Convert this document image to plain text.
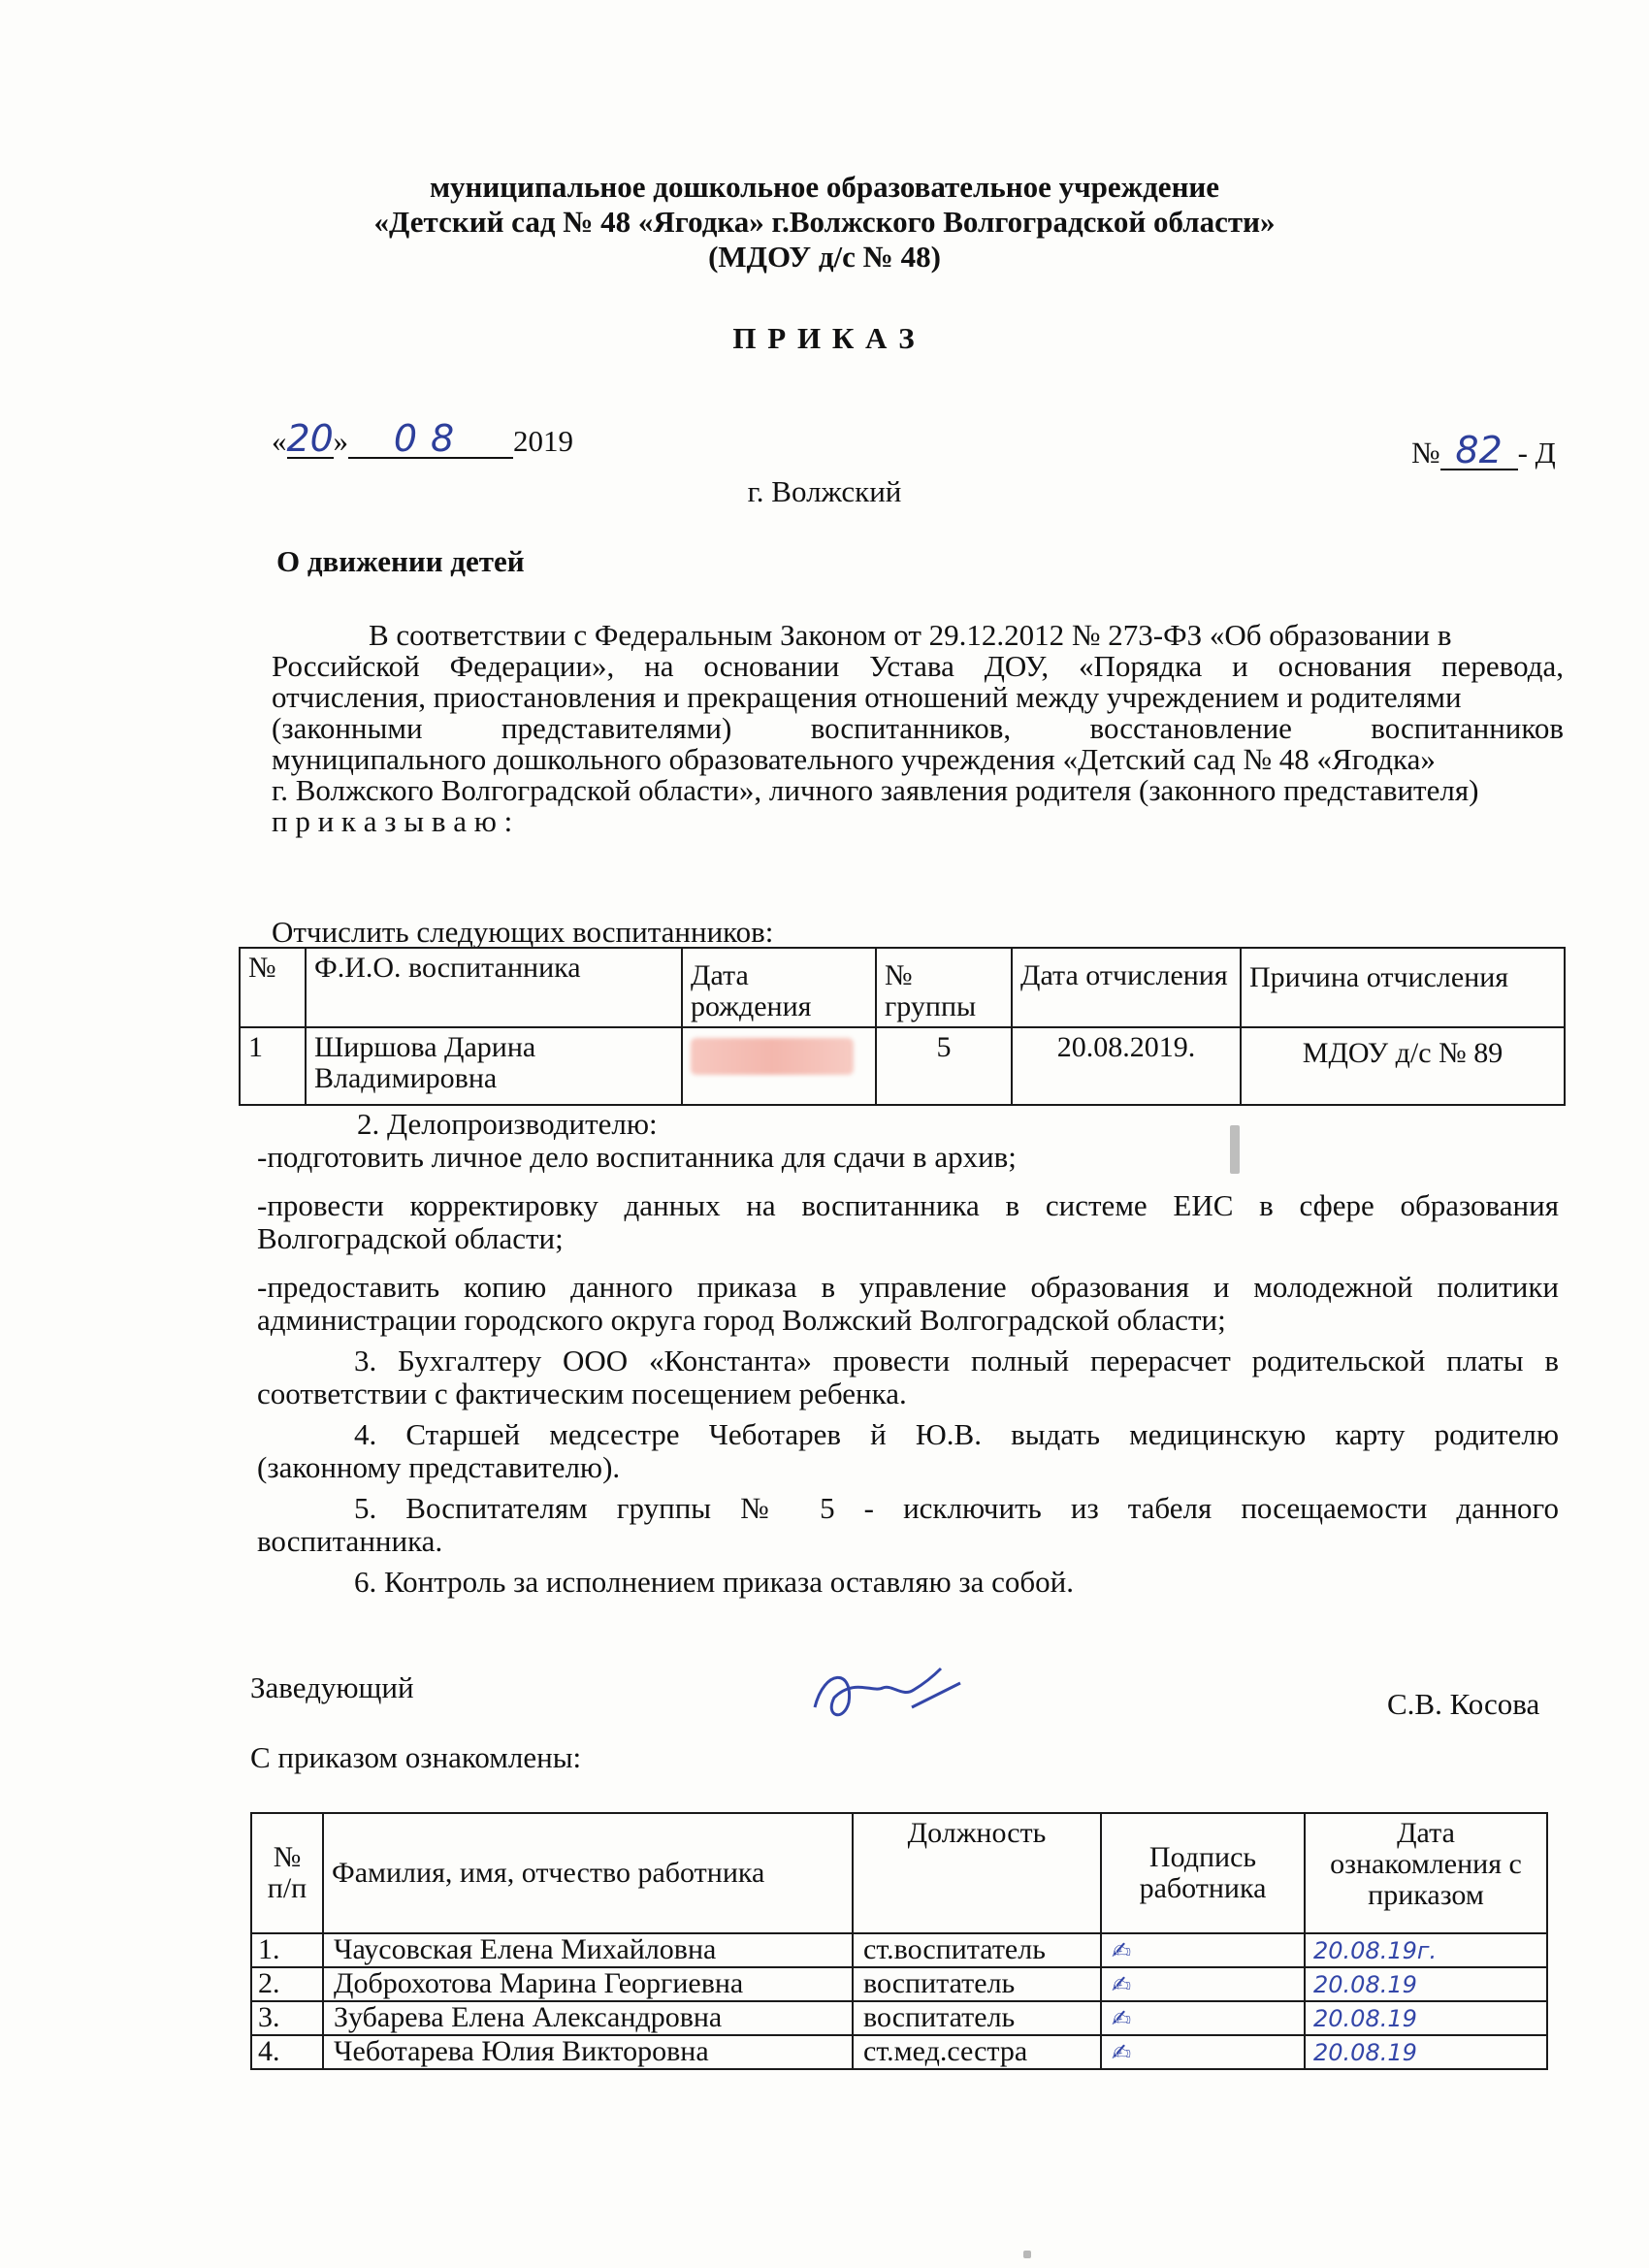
муниципальное дошкольное образовательное учреждение
«Детский сад № 48 «Ягодка» г.Волжского Волгоградской области»
(МДОУ д/с № 48)
П Р И К А З
«20» 08 2019	№ 82 - Д
г. Волжский
О движении детей
В соответствии с Федеральным Законом от 29.12.2012 № 273-ФЗ «Об образовании в
Российской Федерации», на основании Устава ДОУ, «Порядка и основания перевода,
отчисления, приостановления и прекращения отношений между учреждением и родителями
(законными представителями) воспитанников, восстановление воспитанников
муниципального дошкольного образовательного учреждения «Детский сад № 48 «Ягодка»
г. Волжского Волгоградской области», личного заявления родителя (законного представителя)
п р и к а з ы в а ю :
Отчислить следующих воспитанников:
№	Ф.И.О. воспитанника	Дата рождения	№ группы	Дата отчисления	Причина отчисления
1	Ширшова Дарина Владимировна		5	20.08.2019.	МДОУ д/с № 89
2. Делопроизводителю:
-подготовить личное дело воспитанника для сдачи в архив;
-провести корректировку данных на воспитанника в системе ЕИС в сфере образования
Волгоградской области;
-предоставить копию данного приказа в управление образования и молодежной политики
администрации городского округа город Волжский Волгоградской области;
3. Бухгалтеру ООО «Константа» провести полный перерасчет родительской платы в
соответствии с фактическим посещением ребенка.
4. Старшей медсестре Чеботарев й Ю.В. выдать медицинскую карту родителю
(законному представителю).
5. Воспитателям группы № 5 - исключить из табеля посещаемости данного
воспитанника.
6. Контроль за исполнением приказа оставляю за собой.
Заведующий	С.В. Косова
С приказом ознакомлены:
№ п/п	Фамилия, имя, отчество работника	Должность	Подпись работника	Дата ознакомления с приказом
1.	Чаусовская Елена Михайловна	ст.воспитатель	✍	20.08.19г.
2.	Доброхотова Марина Георгиевна	воспитатель	✍	20.08.19
3.	Зубарева Елена Александровна	воспитатель	✍	20.08.19
4.	Чеботарева Юлия Викторовна	ст.мед.сестра	✍	20.08.19
